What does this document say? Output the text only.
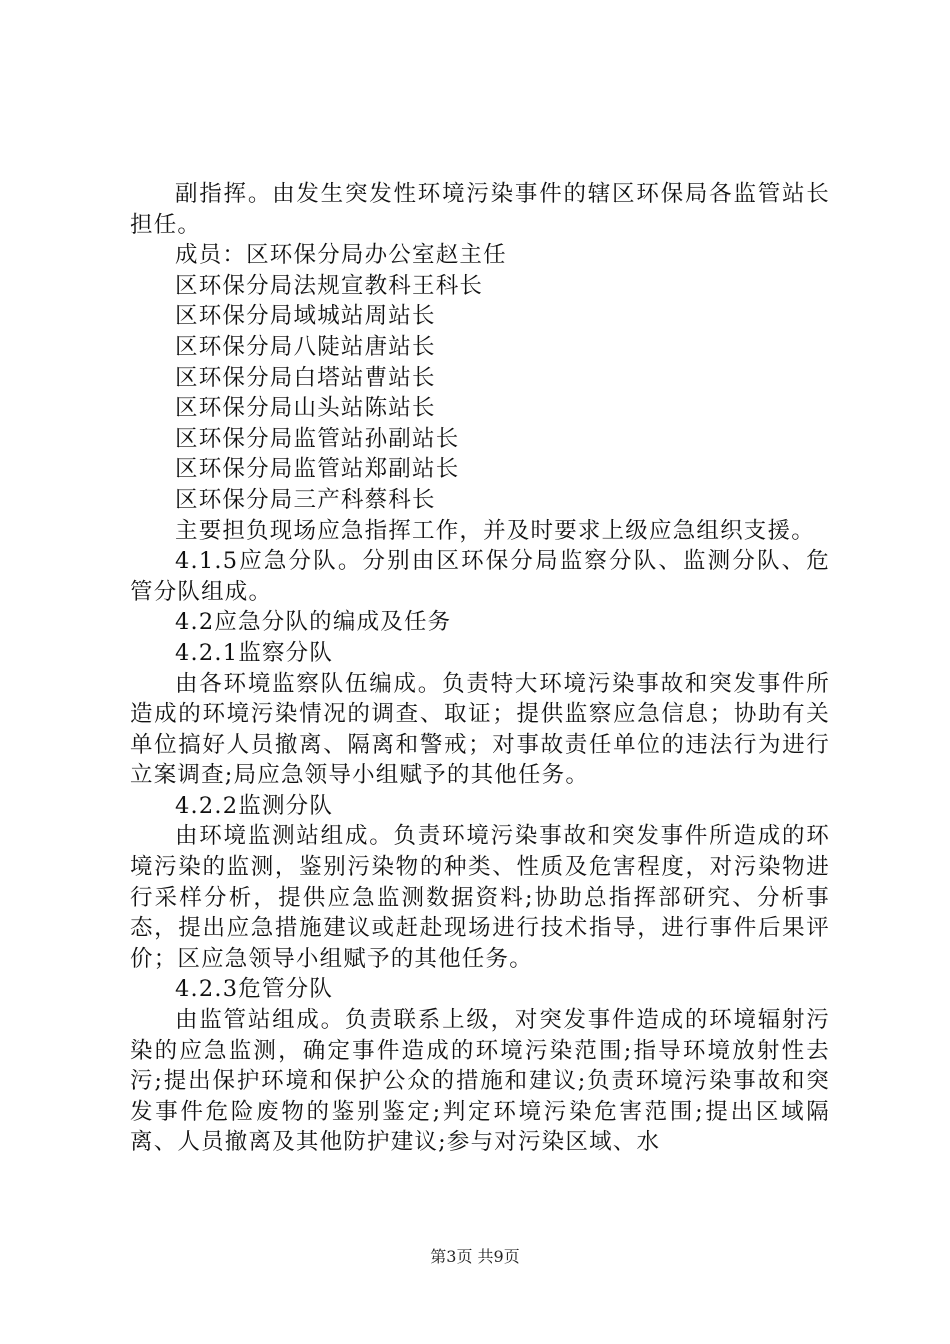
副指挥。由发生突发性环境污染事件的辖区环保局各监管站长担任。

成员：区环保分局办公室赵主任

区环保分局法规宣教科王科长

区环保分局域城站周站长

区环保分局八陡站唐站长

区环保分局白塔站曹站长

区环保分局山头站陈站长

区环保分局监管站孙副站长

区环保分局监管站郑副站长

区环保分局三产科蔡科长

主要担负现场应急指挥工作，并及时要求上级应急组织支援。

4.1.5应急分队。分别由区环保分局监察分队、监测分队、危管分队组成。

4.2应急分队的编成及任务

4.2.1监察分队

由各环境监察队伍编成。负责特大环境污染事故和突发事件所造成的环境污染情况的调查、取证；提供监察应急信息；协助有关单位搞好人员撤离、隔离和警戒；对事故责任单位的违法行为进行立案调查;局应急领导小组赋予的其他任务。

4.2.2监测分队

由环境监测站组成。负责环境污染事故和突发事件所造成的环境污染的监测，鉴别污染物的种类、性质及危害程度，对污染物进行采样分析，提供应急监测数据资料;协助总指挥部研究、分析事态，提出应急措施建议或赶赴现场进行技术指导，进行事件后果评价；区应急领导小组赋予的其他任务。

4.2.3危管分队

由监管站组成。负责联系上级，对突发事件造成的环境辐射污染的应急监测，确定事件造成的环境污染范围;指导环境放射性去污;提出保护环境和保护公众的措施和建议;负责环境污染事故和突发事件危险废物的鉴别鉴定;判定环境污染危害范围;提出区域隔离、人员撤离及其他防护建议;参与对污染区域、水

第3页 共9页
